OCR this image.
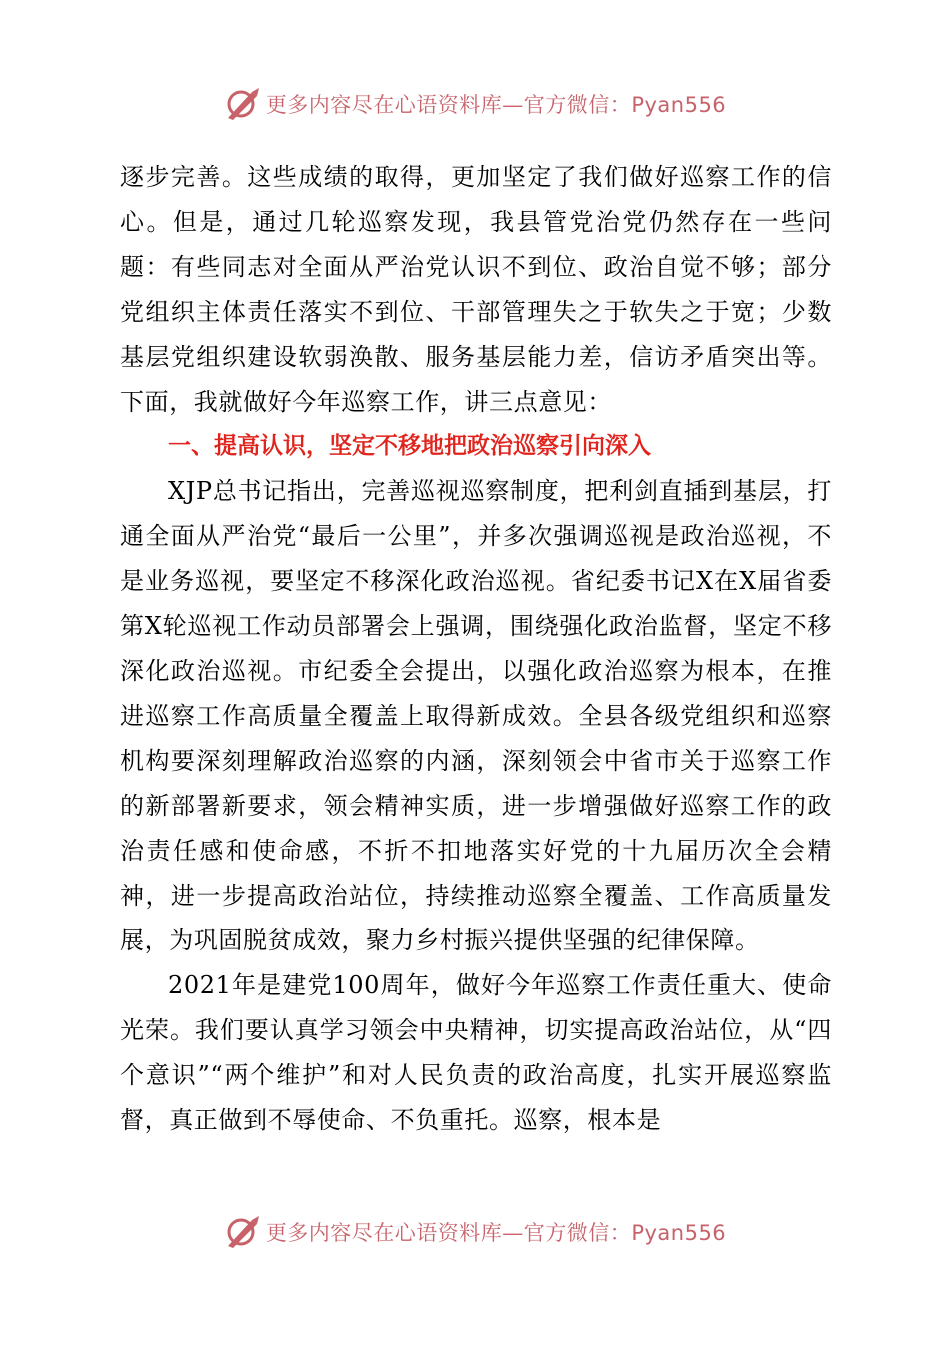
更多内容尽在心语资料库—官方微信：Pyan556

逐步完善。这些成绩的取得，更加坚定了我们做好巡察工作的信心。但是，通过几轮巡察发现，我县管党治党仍然存在一些问题：有些同志对全面从严治党认识不到位、政治自觉不够；部分党组织主体责任落实不到位、干部管理失之于软失之于宽；少数基层党组织建设软弱涣散、服务基层能力差，信访矛盾突出等。下面，我就做好今年巡察工作，讲三点意见：

一、提高认识，坚定不移地把政治巡察引向深入

XJP总书记指出，完善巡视巡察制度，把利剑直插到基层，打通全面从严治党“最后一公里”，并多次强调巡视是政治巡视，不是业务巡视，要坚定不移深化政治巡视。省纪委书记X在X届省委第X轮巡视工作动员部署会上强调，围绕强化政治监督，坚定不移深化政治巡视。市纪委全会提出，以强化政治巡察为根本，在推进巡察工作高质量全覆盖上取得新成效。全县各级党组织和巡察机构要深刻理解政治巡察的内涵，深刻领会中省市关于巡察工作的新部署新要求，领会精神实质，进一步增强做好巡察工作的政治责任感和使命感，不折不扣地落实好党的十九届历次全会精神，进一步提高政治站位，持续推动巡察全覆盖、工作高质量发展，为巩固脱贫成效，聚力乡村振兴提供坚强的纪律保障。

2021年是建党100周年，做好今年巡察工作责任重大、使命光荣。我们要认真学习领会中央精神，切实提高政治站位，从“四个意识”“两个维护”和对人民负责的政治高度，扎实开展巡察监督，真正做到不辱使命、不负重托。巡察，根本是

更多内容尽在心语资料库—官方微信：Pyan556
